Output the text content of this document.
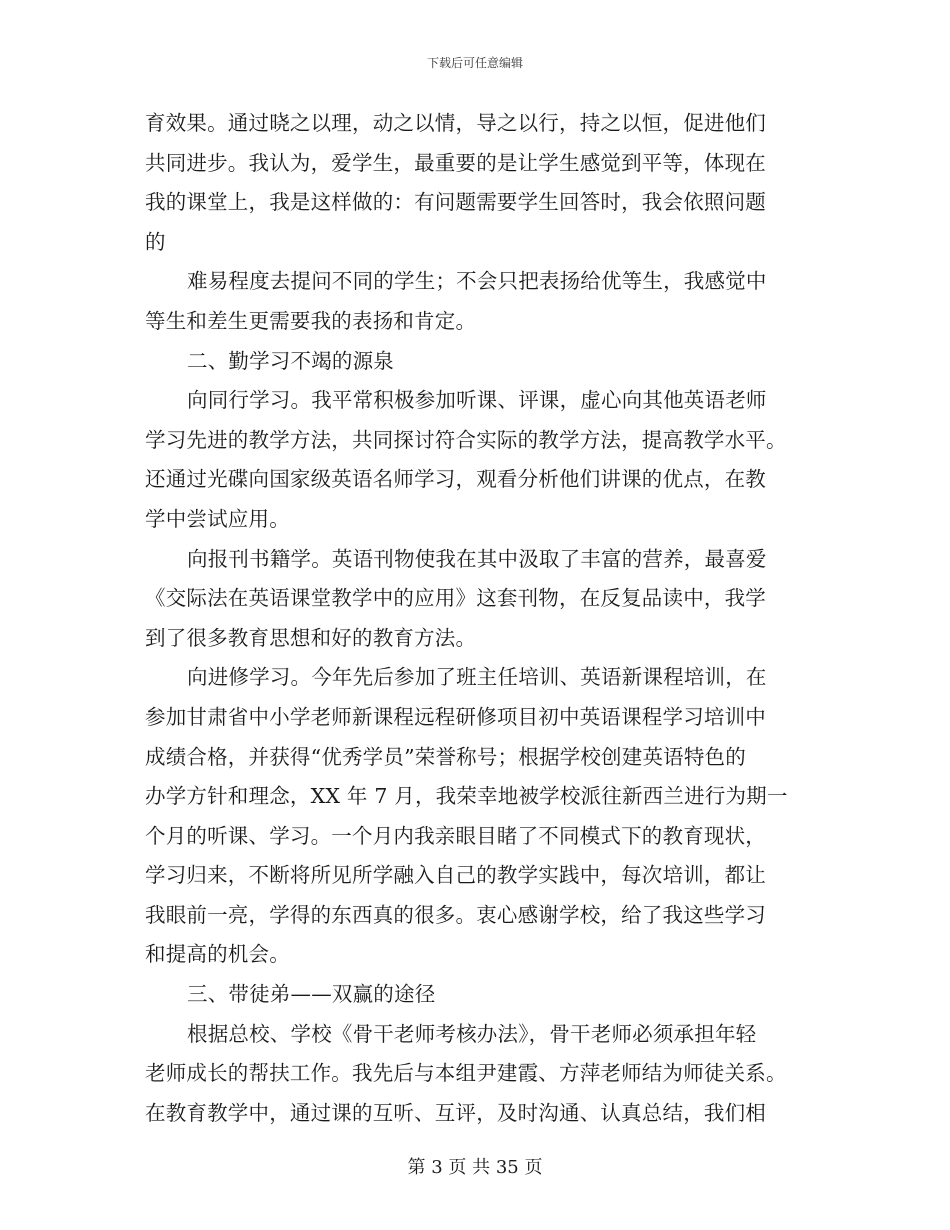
下载后可任意编辑
育效果。通过晓之以理，动之以情，导之以行，持之以恒，促进他们
共同进步。我认为，爱学生，最重要的是让学生感觉到平等，体现在
我的课堂上，我是这样做的：有问题需要学生回答时，我会依照问题
的
难易程度去提问不同的学生；不会只把表扬给优等生，我感觉中
等生和差生更需要我的表扬和肯定。
二、勤学习不竭的源泉
向同行学习。我平常积极参加听课、评课，虚心向其他英语老师
学习先进的教学方法，共同探讨符合实际的教学方法，提高教学水平。
还通过光碟向国家级英语名师学习，观看分析他们讲课的优点，在教
学中尝试应用。
向报刊书籍学。英语刊物使我在其中汲取了丰富的营养，最喜爱
《交际法在英语课堂教学中的应用》这套刊物，在反复品读中，我学
到了很多教育思想和好的教育方法。
向进修学习。今年先后参加了班主任培训、英语新课程培训，在
参加甘肃省中小学老师新课程远程研修项目初中英语课程学习培训中
成绩合格，并获得“优秀学员”荣誉称号；根据学校创建英语特色的
办学方针和理念，XX 年 7 月，我荣幸地被学校派往新西兰进行为期一
个月的听课、学习。一个月内我亲眼目睹了不同模式下的教育现状，
学习归来，不断将所见所学融入自己的教学实践中，每次培训，都让
我眼前一亮，学得的东西真的很多。衷心感谢学校，给了我这些学习
和提高的机会。
三、带徒弟——双赢的途径
根据总校、学校《骨干老师考核办法》，骨干老师必须承担年轻
老师成长的帮扶工作。我先后与本组尹建霞、方萍老师结为师徒关系。
在教育教学中，通过课的互听、互评，及时沟通、认真总结，我们相
第 3 页 共 35 页
